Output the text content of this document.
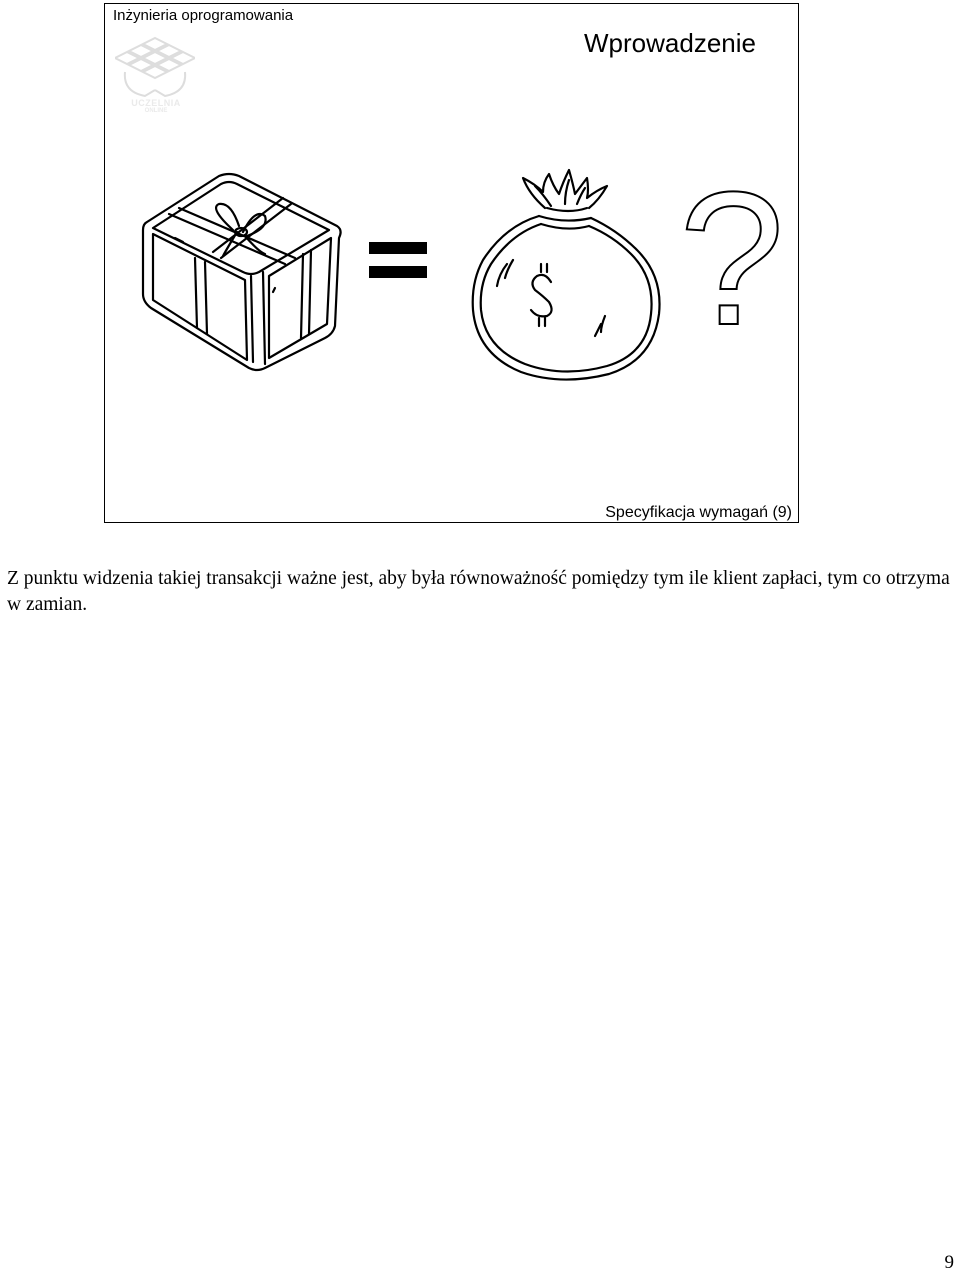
Inżynieria oprogramowania
Wprowadzenie
UCZELNIA
ONLINE
?
Specyfikacja wymagań (9)

Z punktu widzenia takiej transakcji ważne jest, aby była równoważność pomiędzy tym ile klient zapłaci, tym co otrzyma w zamian.

9
